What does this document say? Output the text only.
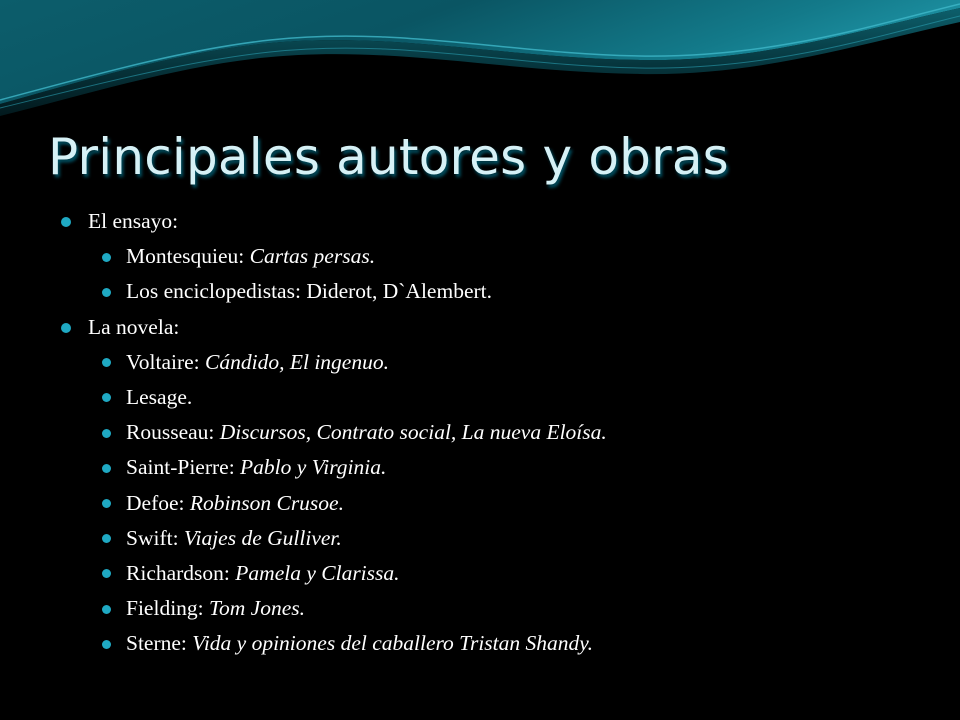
Principales autores y obras
El ensayo:
Montesquieu: Cartas persas.
Los enciclopedistas: Diderot, D`Alembert.
La novela:
Voltaire: Cándido, El ingenuo.
Lesage.
Rousseau: Discursos, Contrato social, La nueva Eloísa.
Saint-Pierre: Pablo y Virginia.
Defoe: Robinson Crusoe.
Swift: Viajes de Gulliver.
Richardson: Pamela y Clarissa.
Fielding: Tom Jones.
Sterne: Vida y opiniones del caballero Tristan Shandy.
